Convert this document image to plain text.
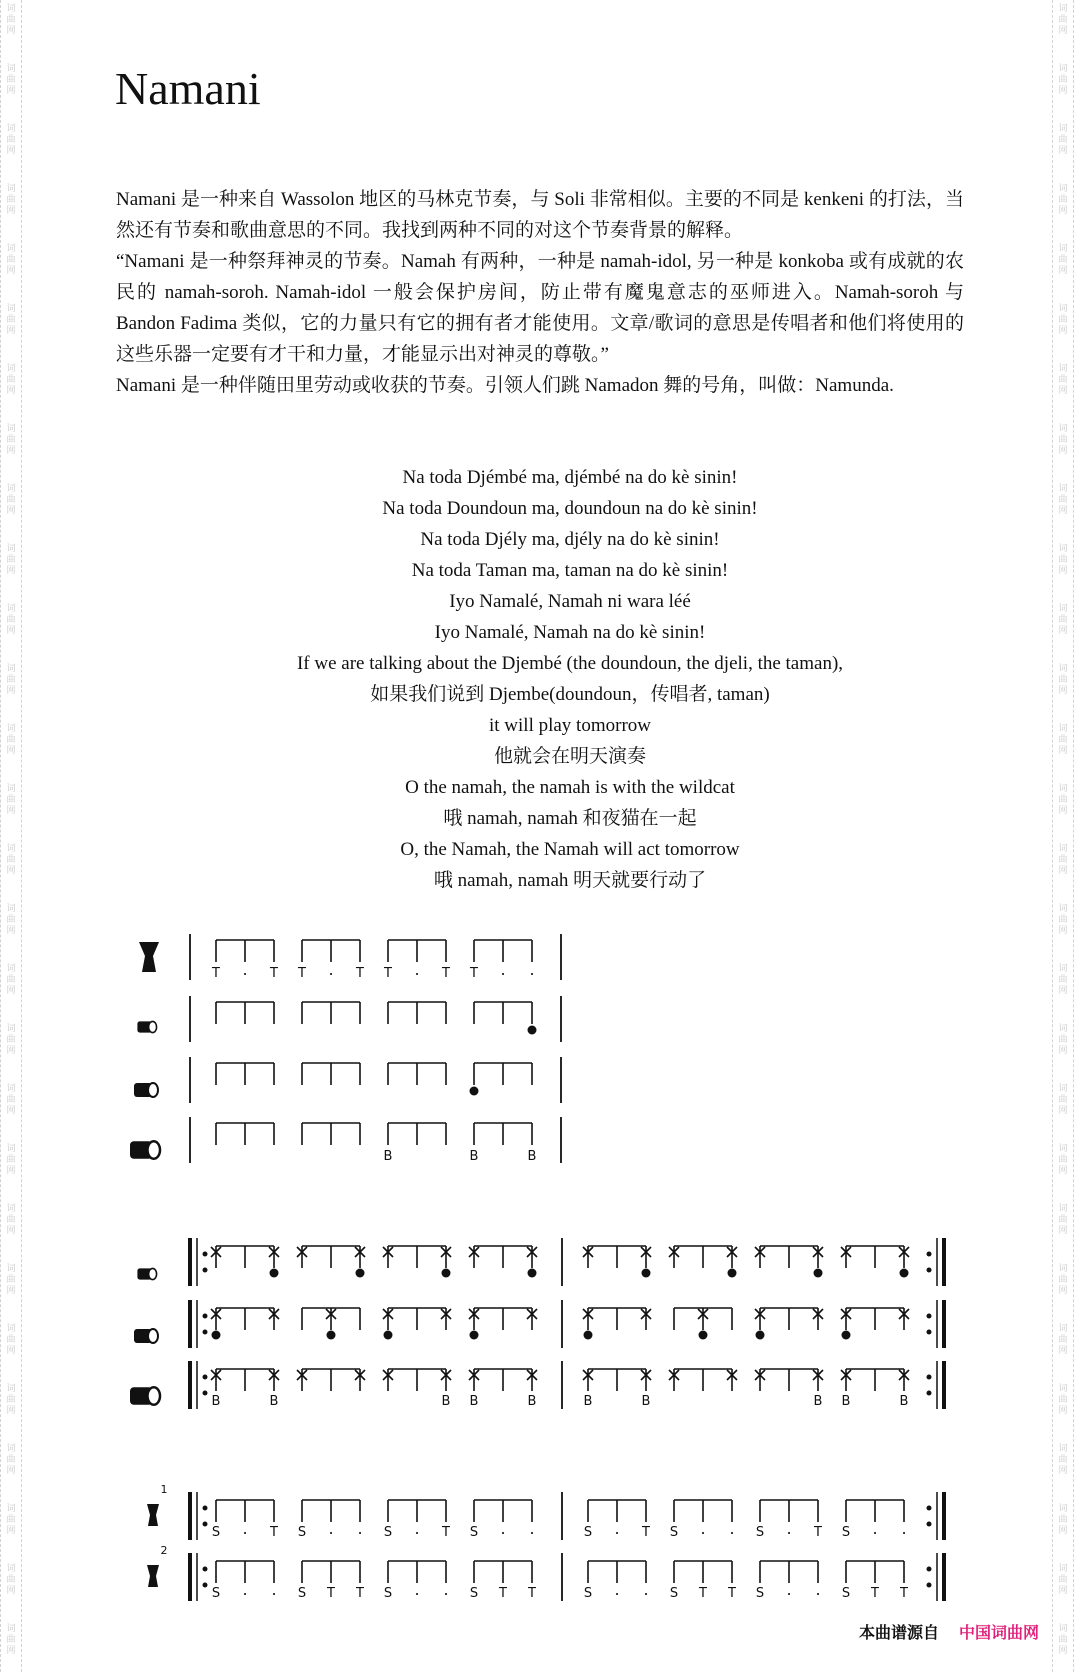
词
曲
网
词
曲
网
词
曲
网
词
曲
网
词
曲
网
词
曲
网
词
曲
网
词
曲
网
词
曲
网
词
曲
网
词
曲
网
词
曲
网
词
曲
网
词
曲
网
词
曲
网
词
曲
网
词
曲
网
词
曲
网
词
曲
网
词
曲
网
词
曲
网
词
曲
网
词
曲
网
词
曲
网
词
曲
网
词
曲
网
词
曲
网
词
曲
网
词
曲
网
词
曲
网
词
曲
网
词
曲
网
词
曲
网
词
曲
网
词
曲
网
词
曲
网
词
曲
网
词
曲
网
词
曲
网
词
曲
网
词
曲
网
词
曲
网
词
曲
网
词
曲
网
词
曲
网
词
曲
网
词
曲
网
词
曲
网
词
曲
网
词
曲
网
词
曲
网
词
曲
网
词
曲
网
词
曲
网
词
曲
网
词
曲
网
Namani

Namani 是一种来自 Wassolon 地区的马林克节奏，与 Soli 非常相似。主要的不同是 kenkeni 的打法，当然还有节奏和歌曲意思的不同。我找到两种不同的对这个节奏背景的解释。

“Namani 是一种祭拜神灵的节奏。Namah 有两种，一种是 namah-idol, 另一种是 konkoba 或有成就的农民的 namah-soroh. Namah-idol 一般会保护房间，防止带有魔鬼意志的巫师进入。Namah-soroh 与 Bandon Fadima 类似，它的力量只有它的拥有者才能使用。文章/歌词的意思是传唱者和他们将使用的这些乐器一定要有才干和力量，才能显示出对神灵的尊敬。”

Namani 是一种伴随田里劳动或收获的节奏。引领人们跳 Namadon 舞的号角，叫做：Namunda.

Na toda Djémbé ma, djémbé na do kè sinin!
Na toda Doundoun ma, doundoun na do kè sinin!
Na toda Djély ma, djély na do kè sinin!
Na toda Taman ma, taman na do kè sinin!
Iyo Namalé, Namah ni wara léé
Iyo Namalé, Namah na do kè sinin!
If we are talking about the Djembé (the doundoun, the djeli, the taman),
如果我们说到 Djembe(doundoun，传唱者, taman)
it will play tomorrow
他就会在明天演奏
O the namah, the namah is with the wildcat
哦 namah, namah 和夜猫在一起
O, the Namah, the Namah will act tomorrow
哦 namah, namah 明天就要行动了
T . T T . T T . T T . .
B	B	B
B	B	B B	B	B	B	B B	B
1
S . T S . . S . T S . .	S . T S . . S . T S . .
2
S . . S T T S . . S T T	S . . S T T S . . S T T
本曲谱源自 中国词曲网
